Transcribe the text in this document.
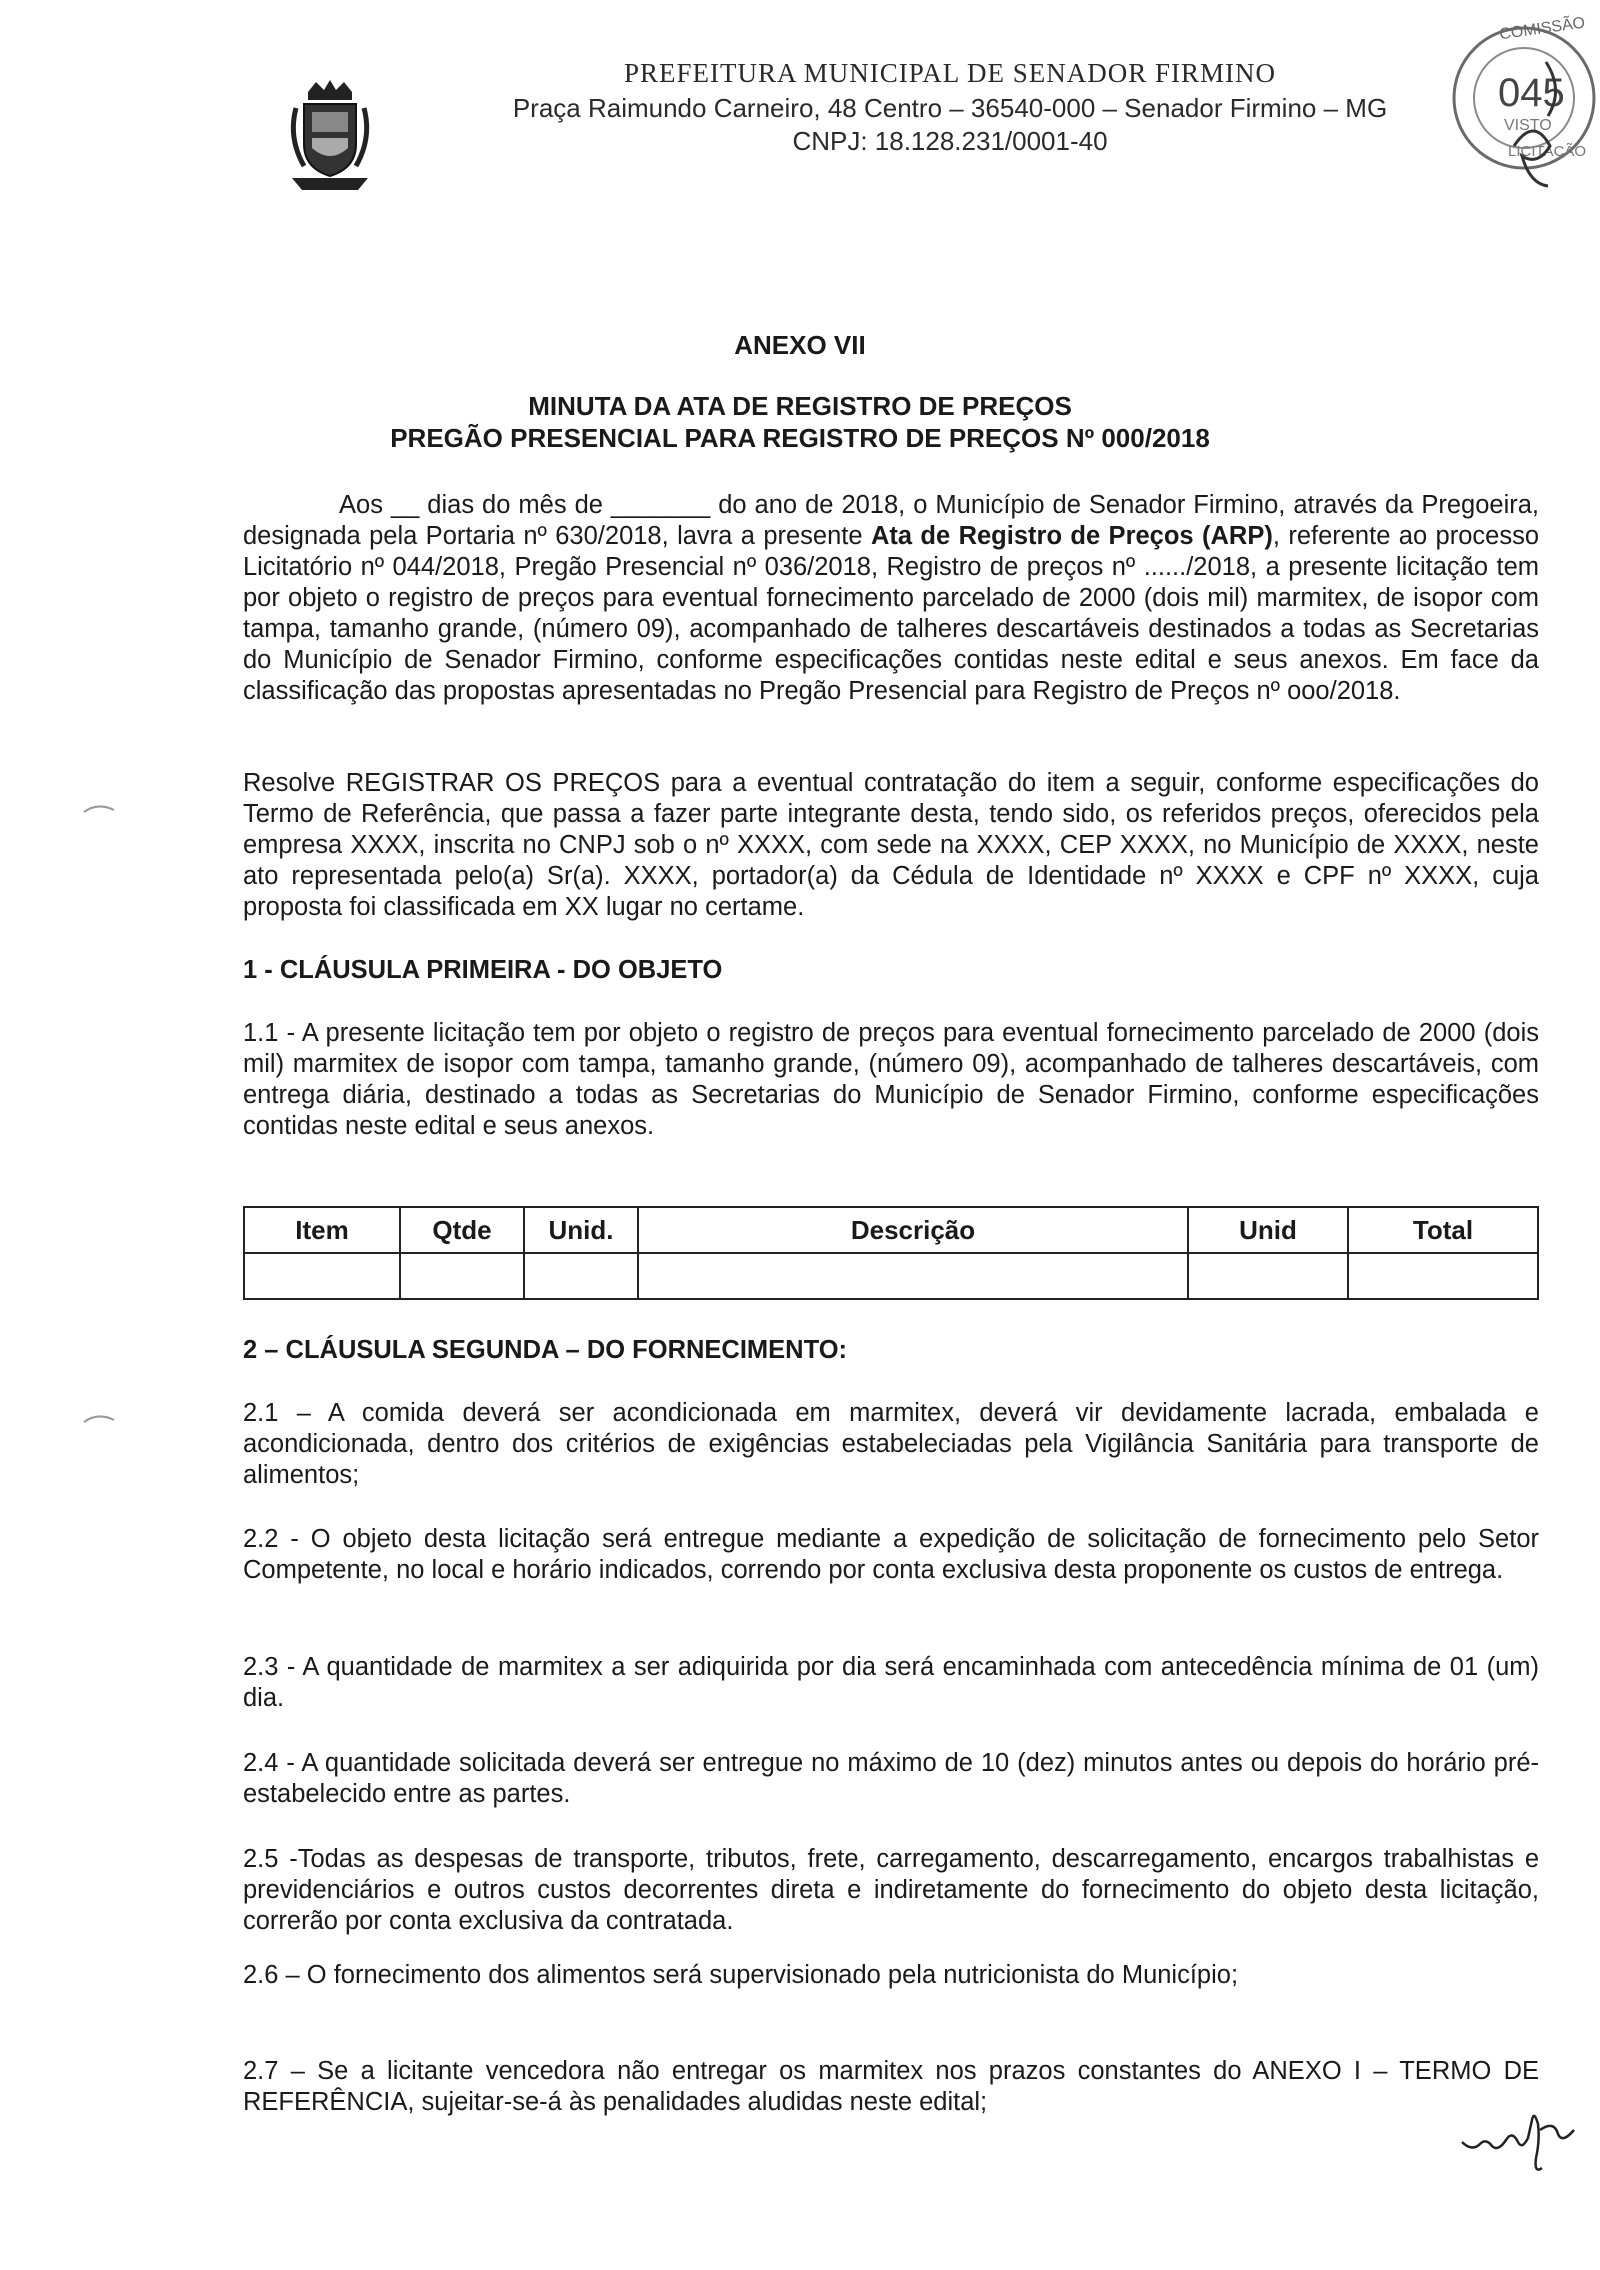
PREFEITURA MUNICIPAL DE SENADOR FIRMINO
Praça Raimundo Carneiro, 48 Centro – 36540-000 – Senador Firmino – MG
CNPJ: 18.128.231/0001-40
COMISSÃO
045
VISTO
LICITAÇÃO
ANEXO VII
MINUTA DA ATA DE REGISTRO DE PREÇOS
PREGÃO PRESENCIAL PARA REGISTRO DE PREÇOS Nº 000/2018
Aos __ dias do mês de _______ do ano de 2018, o Município de Senador Firmino, através da Pregoeira, designada pela Portaria nº 630/2018, lavra a presente Ata de Registro de Preços (ARP), referente ao processo Licitatório nº 044/2018, Pregão Presencial nº 036/2018, Registro de preços nº ....../2018, a presente licitação tem por objeto o registro de preços para eventual fornecimento parcelado de 2000 (dois mil) marmitex, de isopor com tampa, tamanho grande, (número 09), acompanhado de talheres descartáveis destinados a todas as Secretarias do Município de Senador Firmino, conforme especificações contidas neste edital e seus anexos. Em face da classificação das propostas apresentadas no Pregão Presencial para Registro de Preços nº ooo/2018.
Resolve REGISTRAR OS PREÇOS para a eventual contratação do item a seguir, conforme especificações do Termo de Referência, que passa a fazer parte integrante desta, tendo sido, os referidos preços, oferecidos pela empresa XXXX, inscrita no CNPJ sob o nº XXXX, com sede na XXXX, CEP XXXX, no Município de XXXX, neste ato representada pelo(a) Sr(a). XXXX, portador(a) da Cédula de Identidade nº XXXX e CPF nº XXXX, cuja proposta foi classificada em XX lugar no certame.
1 - CLÁUSULA PRIMEIRA - DO OBJETO
1.1 - A presente licitação tem por objeto o registro de preços para eventual fornecimento parcelado de 2000 (dois mil) marmitex de isopor com tampa, tamanho grande, (número 09), acompanhado de talheres descartáveis, com entrega diária, destinado a todas as Secretarias do Município de Senador Firmino, conforme especificações contidas neste edital e seus anexos.
Item	Qtde	Unid.	Descrição	Unid	Total

2 – CLÁUSULA SEGUNDA – DO FORNECIMENTO:
2.1 – A comida deverá ser acondicionada em marmitex, deverá vir devidamente lacrada, embalada e acondicionada, dentro dos critérios de exigências estabeleciadas pela Vigilância Sanitária para transporte de alimentos;
2.2 - O objeto desta licitação será entregue mediante a expedição de solicitação de fornecimento pelo Setor Competente, no local e horário indicados, correndo por conta exclusiva desta proponente os custos de entrega.
2.3 - A quantidade de marmitex a ser adiquirida por dia será encaminhada com antecedência mínima de 01 (um) dia.
2.4 - A quantidade solicitada deverá ser entregue no máximo de 10 (dez) minutos antes ou depois do horário pré-estabelecido entre as partes.
2.5 -Todas as despesas de transporte, tributos, frete, carregamento, descarregamento, encargos trabalhistas e previdenciários e outros custos decorrentes direta e indiretamente do fornecimento do objeto desta licitação, correrão por conta exclusiva da contratada.
2.6 – O fornecimento dos alimentos será supervisionado pela nutricionista do Município;
2.7 – Se a licitante vencedora não entregar os marmitex nos prazos constantes do ANEXO I – TERMO DE REFERÊNCIA, sujeitar-se-á às penalidades aludidas neste edital;
